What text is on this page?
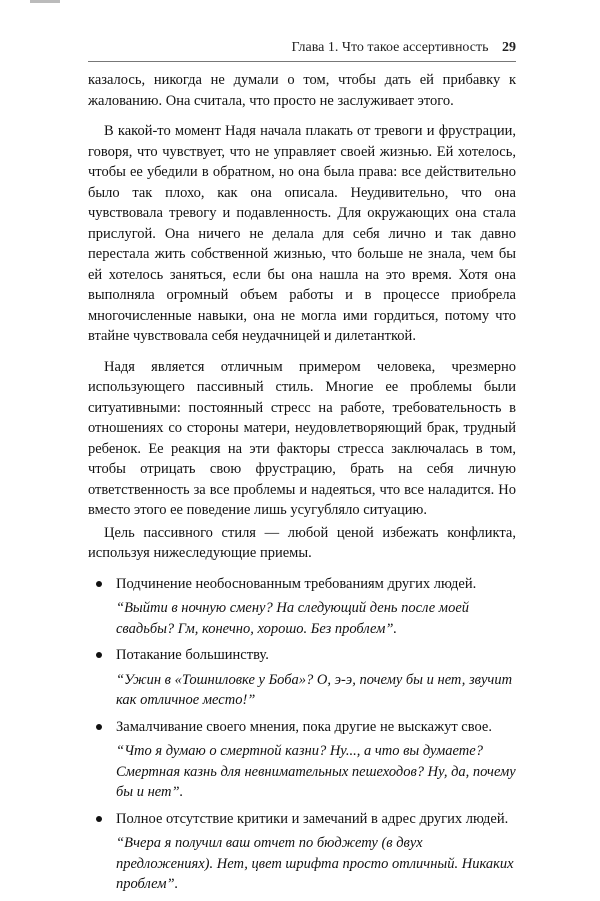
Глава 1. Что такое ассертивность 29

казалось, никогда не думали о том, чтобы дать ей прибавку к жалованию. Она считала, что просто не заслуживает этого.

В какой-то момент Надя начала плакать от тревоги и фрустрации, говоря, что чувствует, что не управляет своей жизнью. Ей хотелось, чтобы ее убедили в обратном, но она была права: все действительно было так плохо, как она описала. Неудивительно, что она чувствовала тревогу и подавленность. Для окружающих она стала прислугой. Она ничего не делала для себя лично и так давно перестала жить собственной жизнью, что больше не знала, чем бы ей хотелось заняться, если бы она нашла на это время. Хотя она выполняла огромный объем работы и в процессе приобрела многочисленные навыки, она не могла ими гордиться, потому что втайне чувствовала себя неудачницей и дилетанткой.

Надя является отличным примером человека, чрезмерно использующего пассивный стиль. Многие ее проблемы были ситуативными: постоянный стресс на работе, требовательность в отношениях со стороны матери, неудовлетворяющий брак, трудный ребенок. Ее реакция на эти факторы стресса заключалась в том, чтобы отрицать свою фрустрацию, брать на себя личную ответственность за все проблемы и надеяться, что все наладится. Но вместо этого ее поведение лишь усугубляло ситуацию.

Цель пассивного стиля — любой ценой избежать конфликта, используя нижеследующие приемы.

Подчинение необоснованным требованиям других людей.
“Выйти в ночную смену? На следующий день после моей свадьбы? Гм, конечно, хорошо. Без проблем”.
Потакание большинству.
“Ужин в «Тошниловке у Боба»? О, э-э, почему бы и нет, звучит как отличное место!”
Замалчивание своего мнения, пока другие не выскажут свое.
“Что я думаю о смертной казни? Ну..., а что вы думаете? Смертная казнь для невнимательных пешеходов? Ну, да, почему бы и нет”.
Полное отсутствие критики и замечаний в адрес других людей.
“Вчера я получил ваш отчет по бюджету (в двух предложениях). Нет, цвет шрифта просто отличный. Никаких проблем”.
